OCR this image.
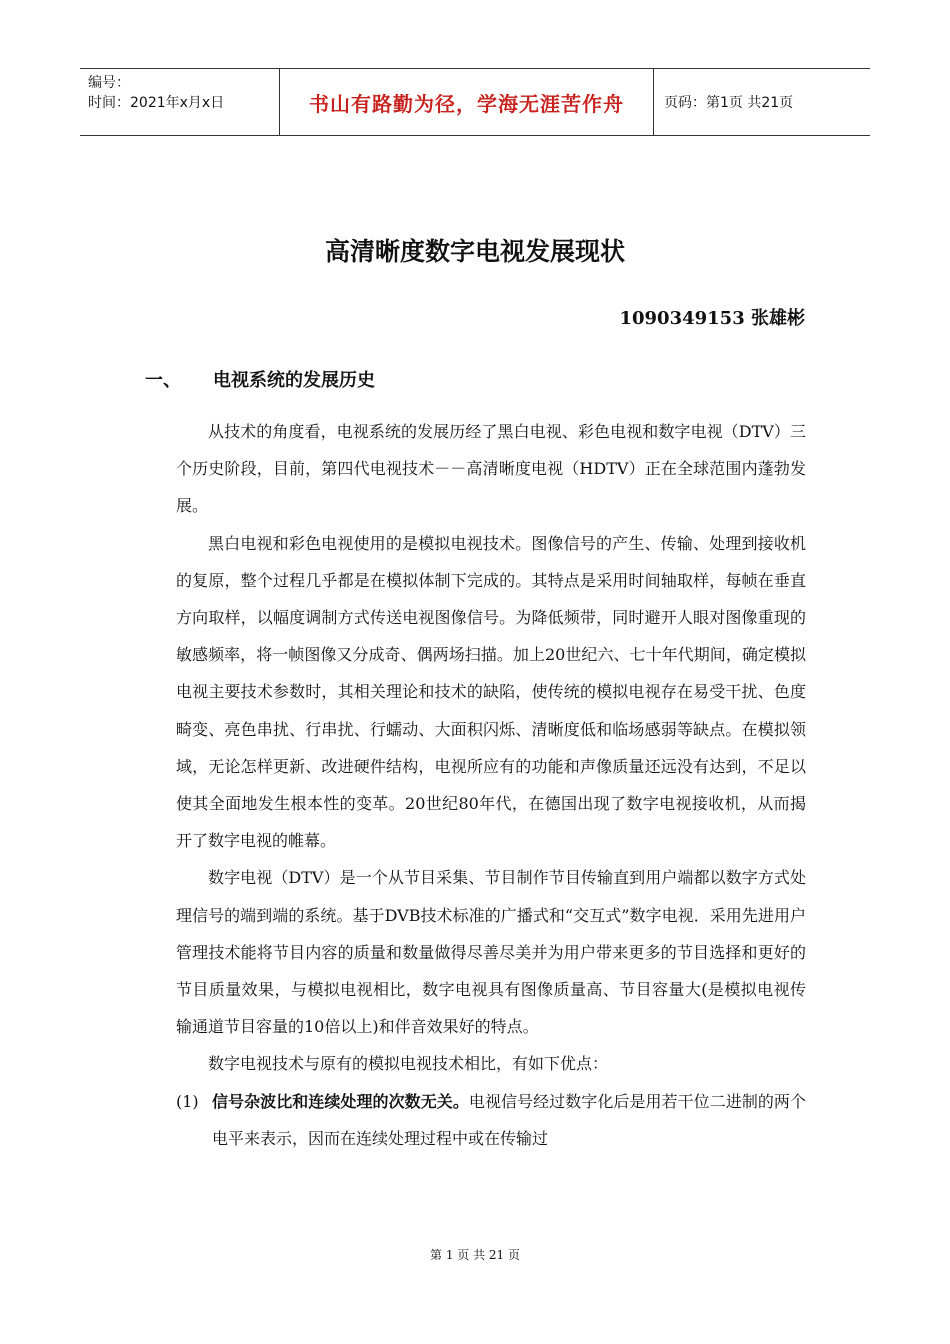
编号：
时间：2021年x月x日	书山有路勤为径，学海无涯苦作舟	页码：第1页 共21页
高清晰度数字电视发展现状
1090349153 张雄彬
一、	电视系统的发展历史

从技术的角度看，电视系统的发展历经了黑白电视、彩色电视和数字电视（DTV）三个历史阶段，目前，第四代电视技术－－高清晰度电视（HDTV）正在全球范围内蓬勃发展。

黑白电视和彩色电视使用的是模拟电视技术。图像信号的产生、传输、处理到接收机的复原，整个过程几乎都是在模拟体制下完成的。其特点是采用时间轴取样，每帧在垂直方向取样，以幅度调制方式传送电视图像信号。为降低频带，同时避开人眼对图像重现的敏感频率，将一帧图像又分成奇、偶两场扫描。加上20世纪六、七十年代期间，确定模拟电视主要技术参数时，其相关理论和技术的缺陷，使传统的模拟电视存在易受干扰、色度畸变、亮色串扰、行串扰、行蠕动、大面积闪烁、清晰度低和临场感弱等缺点。在模拟领域，无论怎样更新、改进硬件结构，电视所应有的功能和声像质量还远没有达到，不足以使其全面地发生根本性的变革。20世纪80年代，在德国出现了数字电视接收机，从而揭开了数字电视的帷幕。

数字电视（DTV）是一个从节目采集、节目制作节目传输直到用户端都以数字方式处理信号的端到端的系统。基于DVB技术标准的广播式和“交互式”数字电视．采用先进用户管理技术能将节目内容的质量和数量做得尽善尽美并为用户带来更多的节目选择和更好的节目质量效果，与模拟电视相比，数字电视具有图像质量高、节目容量大(是模拟电视传输通道节目容量的10倍以上)和伴音效果好的特点。

数字电视技术与原有的模拟电视技术相比，有如下优点：

(1) 信号杂波比和连续处理的次数无关。电视信号经过数字化后是用若干位二进制的两个电平来表示，因而在连续处理过程中或在传输过
第 1 页 共 21 页
